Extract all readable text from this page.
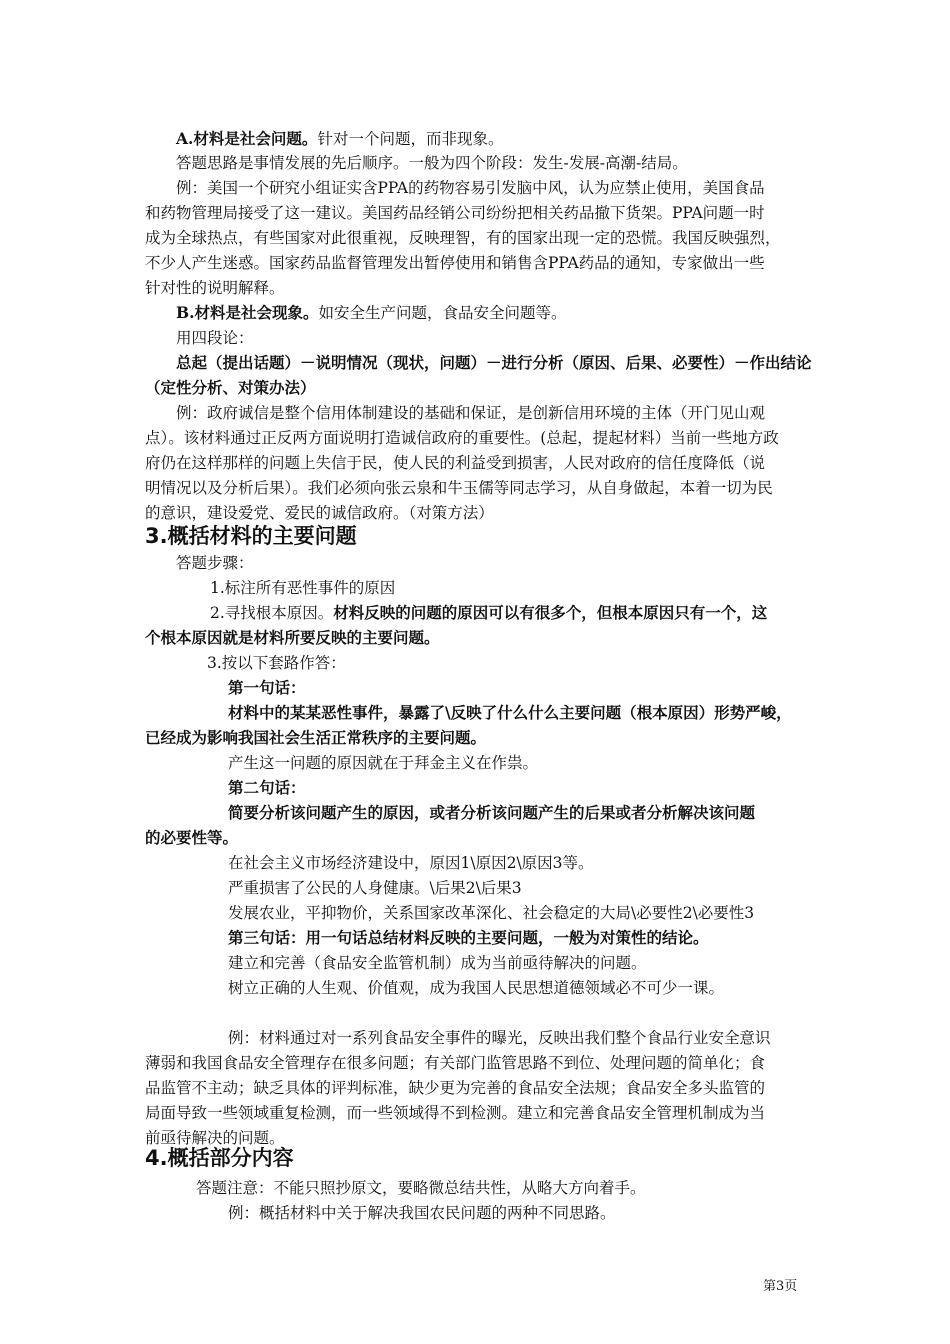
A.材料是社会问题。针对一个问题，而非现象。

答题思路是事情发展的先后顺序。一般为四个阶段：发生-发展-高潮-结局。

例：美国一个研究小组证实含PPA的药物容易引发脑中风，认为应禁止使用，美国食品

和药物管理局接受了这一建议。美国药品经销公司纷纷把相关药品撤下货架。PPA问题一时

成为全球热点，有些国家对此很重视，反映理智，有的国家出现一定的恐慌。我国反映强烈，

不少人产生迷惑。国家药品监督管理发出暂停使用和销售含PPA药品的通知，专家做出一些

针对性的说明解释。

B.材料是社会现象。如安全生产问题，食品安全问题等。

用四段论：

总起（提出话题）－说明情况（现状，问题）－进行分析（原因、后果、必要性）－作出结论

（定性分析、对策办法）

例：政府诚信是整个信用体制建设的基础和保证，是创新信用环境的主体（开门见山观

点）。该材料通过正反两方面说明打造诚信政府的重要性。(总起，提起材料）当前一些地方政

府仍在这样那样的问题上失信于民，使人民的利益受到损害，人民对政府的信任度降低（说

明情况以及分析后果）。我们必须向张云泉和牛玉儒等同志学习，从自身做起，本着一切为民

的意识，建设爱党、爱民的诚信政府。（对策方法）

答题步骤：

1.标注所有恶性事件的原因

2.寻找根本原因。材料反映的问题的原因可以有很多个，但根本原因只有一个，这

个根本原因就是材料所要反映的主要问题。

3.按以下套路作答：

第一句话：

材料中的某某恶性事件，暴露了\反映了什么什么主要问题（根本原因）形势严峻，

已经成为影响我国社会生活正常秩序的主要问题。

产生这一问题的原因就在于拜金主义在作祟。

第二句话：

简要分析该问题产生的原因，或者分析该问题产生的后果或者分析解决该问题

的必要性等。

在社会主义市场经济建设中，原因1\原因2\原因3等。

严重损害了公民的人身健康。\后果2\后果3

发展农业，平抑物价，关系国家改革深化、社会稳定的大局\必要性2\必要性3

第三句话：用一句话总结材料反映的主要问题，一般为对策性的结论。

建立和完善（食品安全监管机制）成为当前亟待解决的问题。

树立正确的人生观、价值观，成为我国人民思想道德领域必不可少一课。

例：材料通过对一系列食品安全事件的曝光，反映出我们整个食品行业安全意识

薄弱和我国食品安全管理存在很多问题；有关部门监管思路不到位、处理问题的简单化；食

品监管不主动；缺乏具体的评判标准，缺少更为完善的食品安全法规；食品安全多头监管的

局面导致一些领域重复检测，而一些领域得不到检测。建立和完善食品安全管理机制成为当

前亟待解决的问题。

答题注意：不能只照抄原文，要略微总结共性，从略大方向着手。

例：概括材料中关于解决我国农民问题的两种不同思路。

3.概括材料的主要问题
4.概括部分内容
第3页
